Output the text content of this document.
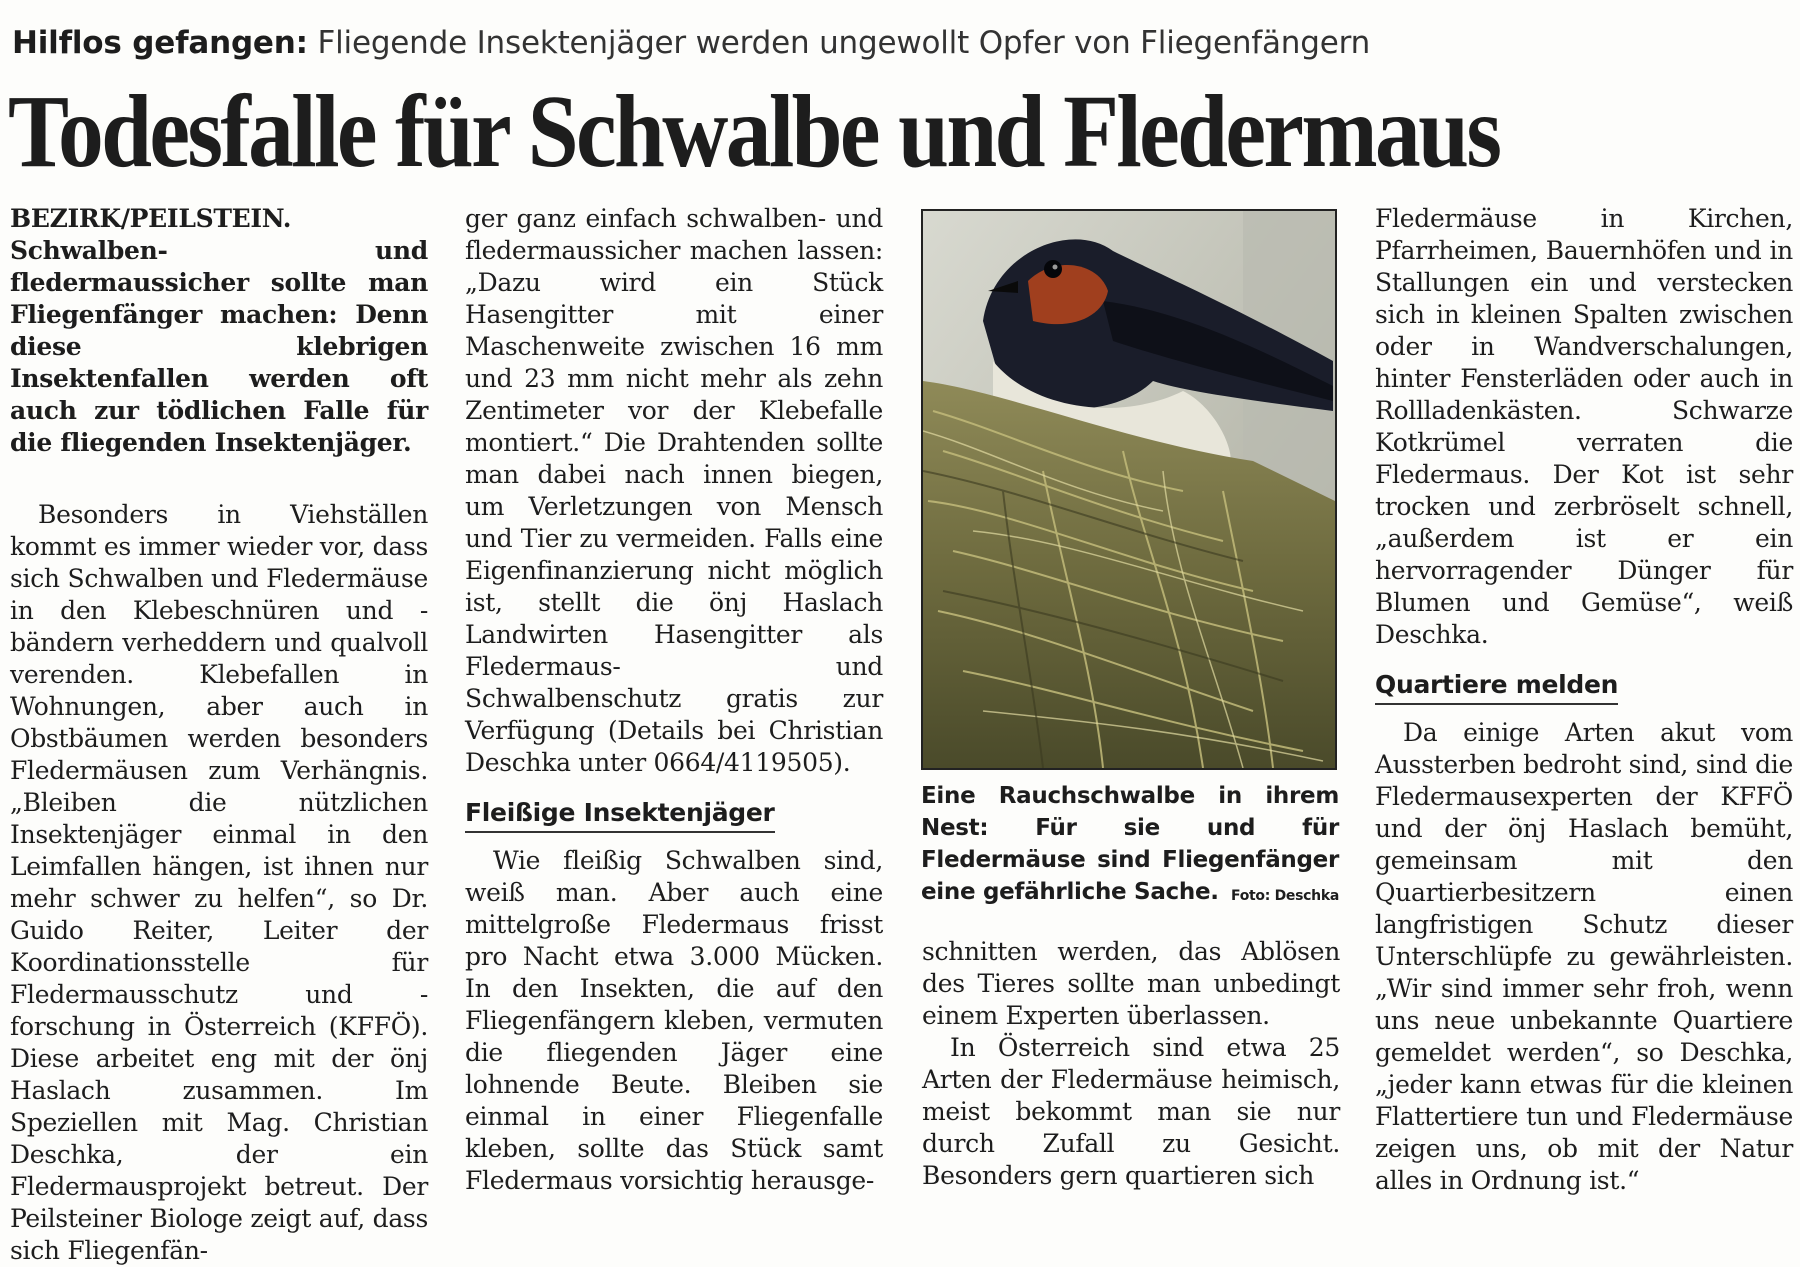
Hilflos gefangen: Fliegende Insektenjäger werden ungewollt Opfer von Fliegenfängern
Todesfalle für Schwalbe und Fledermaus

BEZIRK/PEILSTEIN. Schwalben- und fledermaussicher sollte man Fliegenfänger machen: Denn diese klebrigen Insektenfallen werden oft auch zur tödlichen Falle für die fliegenden Insektenjäger.

Besonders in Viehställen kommt es immer wieder vor, dass sich Schwalben und Fledermäuse in den Klebeschnüren und -bändern verheddern und qualvoll verenden. Klebefallen in Wohnungen, aber auch in Obstbäumen werden besonders Fledermäusen zum Verhängnis. „Bleiben die nützlichen Insektenjäger einmal in den Leimfallen hängen, ist ihnen nur mehr schwer zu helfen“, so Dr. Guido Reiter, Leiter der Koordinationsstelle für Fledermausschutz und -forschung in Österreich (KFFÖ). Diese arbeitet eng mit der önj Haslach zusammen. Im Speziellen mit Mag. Christian Deschka, der ein Fledermausprojekt betreut. Der Peilsteiner Biologe zeigt auf, dass sich Fliegenfän-

ger ganz einfach schwalben- und fledermaussicher machen lassen: „Dazu wird ein Stück Hasengitter mit einer Maschenweite zwischen 16 mm und 23 mm nicht mehr als zehn Zentimeter vor der Klebefalle montiert.“ Die Drahtenden sollte man dabei nach innen biegen, um Verletzungen von Mensch und Tier zu vermeiden. Falls eine Eigenfinanzierung nicht möglich ist, stellt die önj Haslach Landwirten Hasengitter als Fledermaus- und Schwalbenschutz gratis zur Verfügung (Details bei Christian Deschka unter 0664/4119505).

Fleißige Insektenjäger

Wie fleißig Schwalben sind, weiß man. Aber auch eine mittelgroße Fledermaus frisst pro Nacht etwa 3.000 Mücken. In den Insekten, die auf den Fliegenfängern kleben, vermuten die fliegenden Jäger eine lohnende Beute. Bleiben sie einmal in einer Fliegenfalle kleben, sollte das Stück samt Fledermaus vorsichtig herausge-

Eine Rauchschwalbe in ihrem Nest: Für sie und für Fledermäuse sind Fliegenfänger eine gefährliche Sache. Foto: Deschka

schnitten werden, das Ablösen des Tieres sollte man unbedingt einem Experten überlassen.

In Österreich sind etwa 25 Arten der Fledermäuse heimisch, meist bekommt man sie nur durch Zufall zu Gesicht. Besonders gern quartieren sich

Fledermäuse in Kirchen, Pfarrheimen, Bauernhöfen und in Stallungen ein und verstecken sich in kleinen Spalten zwischen oder in Wandverschalungen, hinter Fensterläden oder auch in Rollladenkästen. Schwarze Kotkrümel verraten die Fledermaus. Der Kot ist sehr trocken und zerbröselt schnell, „außerdem ist er ein hervorragender Dünger für Blumen und Gemüse“, weiß Deschka.

Quartiere melden

Da einige Arten akut vom Aussterben bedroht sind, sind die Fledermausexperten der KFFÖ und der önj Haslach bemüht, gemeinsam mit den Quartierbesitzern einen langfristigen Schutz dieser Unterschlüpfe zu gewährleisten. „Wir sind immer sehr froh, wenn uns neue unbekannte Quartiere gemeldet werden“, so Deschka, „jeder kann etwas für die kleinen Flattertiere tun und Fledermäuse zeigen uns, ob mit der Natur alles in Ordnung ist.“
